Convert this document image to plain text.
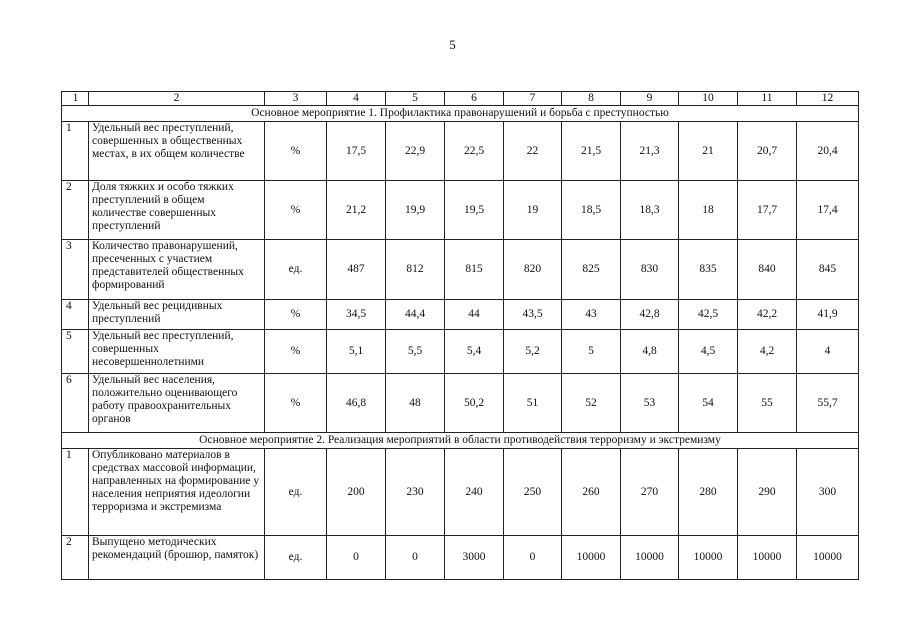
5
1	2	3	4	5	6	7	8	9	10	11	12
Основное мероприятие 1. Профилактика правонарушений и борьба с преступностью											
1	Удельный вес преступлений, совершенных в общественных местах, в их общем количестве	%	17,5	22,9	22,5	22	21,5	21,3	21	20,7	20,4
2	Доля тяжких и особо тяжких преступлений в общем количестве совершенных преступлений	%	21,2	19,9	19,5	19	18,5	18,3	18	17,7	17,4
3	Количество правонарушений, пресеченных с участием представителей общественных формирований	ед.	487	812	815	820	825	830	835	840	845
4	Удельный вес рецидивных преступлений	%	34,5	44,4	44	43,5	43	42,8	42,5	42,2	41,9
5	Удельный вес преступлений, совершенных несовершеннолетними	%	5,1	5,5	5,4	5,2	5	4,8	4,5	4,2	4
6	Удельный вес населения, положительно оценивающего работу правоохранительных органов	%	46,8	48	50,2	51	52	53	54	55	55,7
Основное мероприятие 2. Реализация мероприятий в области противодействия терроризму и экстремизму											
1	Опубликовано материалов в средствах массовой информации, направленных на формирование у населения неприятия идеологии терроризма и экстремизма	ед.	200	230	240	250	260	270	280	290	300
2	Выпущено методических рекомендаций (брошюр, памяток)	ед.	0	0	3000	0	10000	10000	10000	10000	10000
